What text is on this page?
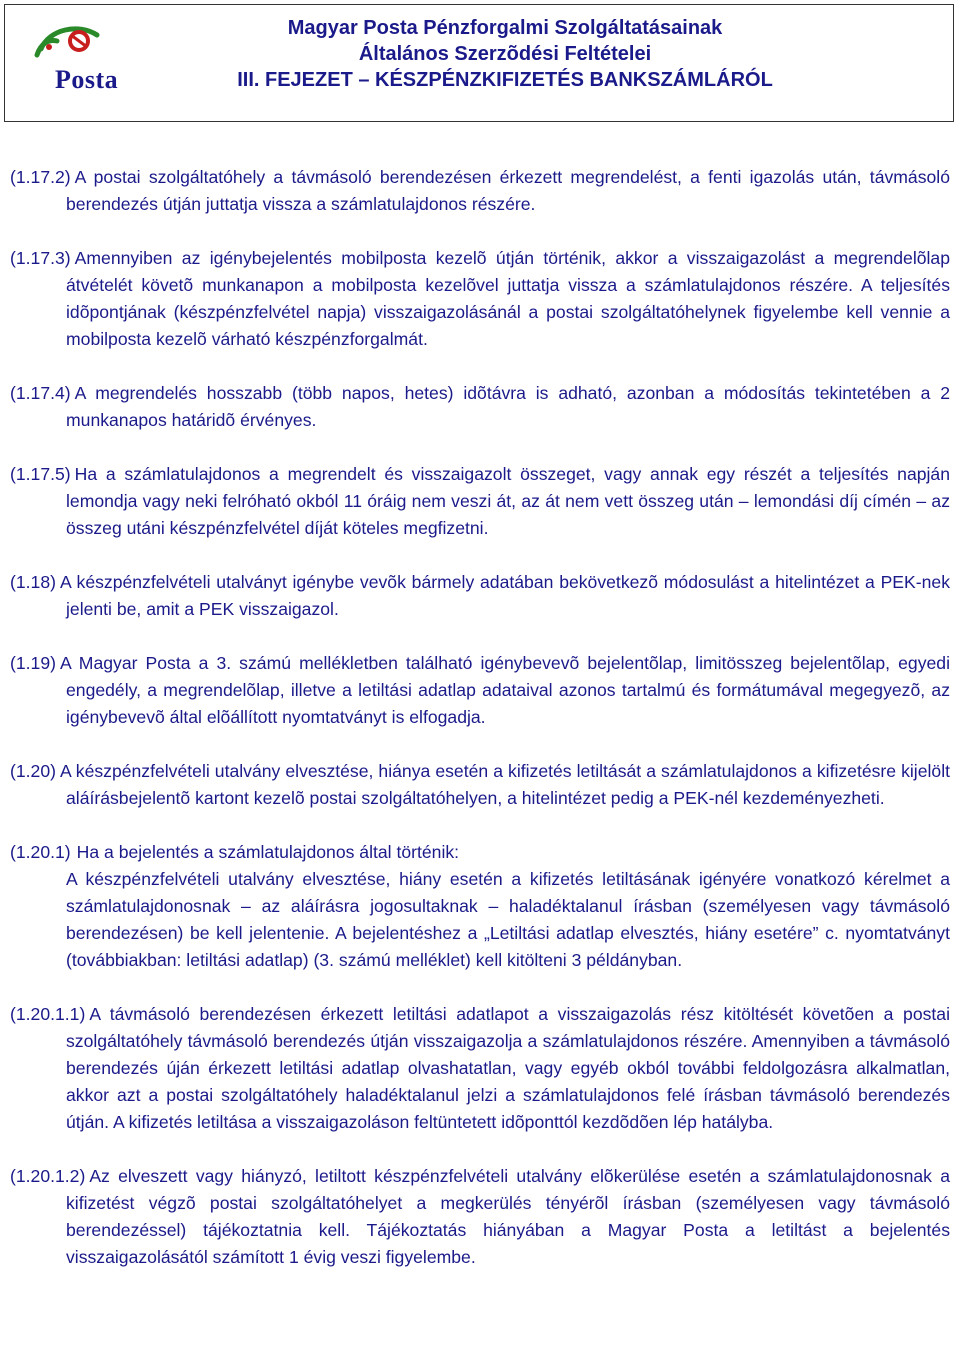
Posta
Magyar Posta Pénzforgalmi Szolgáltatásainak
Általános Szerzõdési Feltételei
III. FEJEZET – KÉSZPÉNZKIFIZETÉS BANKSZÁMLÁRÓL
(1.17.2) A postai szolgáltatóhely a távmásoló berendezésen érkezett megrendelést, a fenti igazolás után, távmásoló berendezés útján juttatja vissza a számlatulajdonos részére.
(1.17.3) Amennyiben az igénybejelentés mobilposta kezelõ útján történik, akkor a visszaigazolást a megrendelõlap átvételét követõ munkanapon a mobilposta kezelõvel juttatja vissza a számlatulajdonos részére. A teljesítés idõpontjának (készpénzfelvétel napja) visszaigazolásánál a postai szolgáltatóhelynek figyelembe kell vennie a mobilposta kezelõ várható készpénzforgalmát.
(1.17.4) A megrendelés hosszabb (több napos, hetes) idõtávra is adható, azonban a módosítás tekintetében a 2 munkanapos határidõ érvényes.
(1.17.5) Ha a számlatulajdonos a megrendelt és visszaigazolt összeget, vagy annak egy részét a teljesítés napján lemondja vagy neki felróható okból 11 óráig nem veszi át, az át nem vett összeg után – lemondási díj címén – az összeg utáni készpénzfelvétel díját köteles megfizetni.
(1.18) A készpénzfelvételi utalványt igénybe vevõk bármely adatában bekövetkezõ módosulást a hitelintézet a PEK-nek jelenti be, amit a PEK visszaigazol.
(1.19) A Magyar Posta a 3. számú mellékletben található igénybevevõ bejelentõlap, limitösszeg bejelentõlap, egyedi engedély, a megrendelõlap, illetve a letiltási adatlap adataival azonos tartalmú és formátumával megegyezõ, az igénybevevõ által elõállított nyomtatványt is elfogadja.
(1.20) A készpénzfelvételi utalvány elvesztése, hiánya esetén a kifizetés letiltását a számlatulajdonos a kifizetésre kijelölt aláírásbejelentõ kartont kezelõ postai szolgáltatóhelyen, a hitelintézet pedig a PEK-nél kezdeményezheti.
(1.20.1) Ha a bejelentés a számlatulajdonos által történik:
A készpénzfelvételi utalvány elvesztése, hiány esetén a kifizetés letiltásának igényére vonatkozó kérelmet a számlatulajdonosnak – az aláírásra jogosultaknak – haladéktalanul írásban (személyesen vagy távmásoló berendezésen) be kell jelentenie. A bejelentéshez a „Letiltási adatlap elvesztés, hiány esetére” c. nyomtatványt (továbbiakban: letiltási adatlap) (3. számú melléklet) kell kitölteni 3 példányban.
(1.20.1.1) A távmásoló berendezésen érkezett letiltási adatlapot a visszaigazolás rész kitöltését követõen a postai szolgáltatóhely távmásoló berendezés útján visszaigazolja a számlatulajdonos részére. Amennyiben a távmásoló berendezés úján érkezett letiltási adatlap olvashatatlan, vagy egyéb okból további feldolgozásra alkalmatlan, akkor azt a postai szolgáltatóhely haladéktalanul jelzi a számlatulajdonos felé írásban távmásoló berendezés útján. A kifizetés letiltása a visszaigazoláson feltüntetett idõponttól kezdõdõen lép hatályba.
(1.20.1.2) Az elveszett vagy hiányzó, letiltott készpénzfelvételi utalvány elõkerülése esetén a számlatulajdonosnak a kifizetést végzõ postai szolgáltatóhelyet a megkerülés tényérõl írásban (személyesen vagy távmásoló berendezéssel) tájékoztatnia kell. Tájékoztatás hiányában a Magyar Posta a letiltást a bejelentés visszaigazolásától számított 1 évig veszi figyelembe.
